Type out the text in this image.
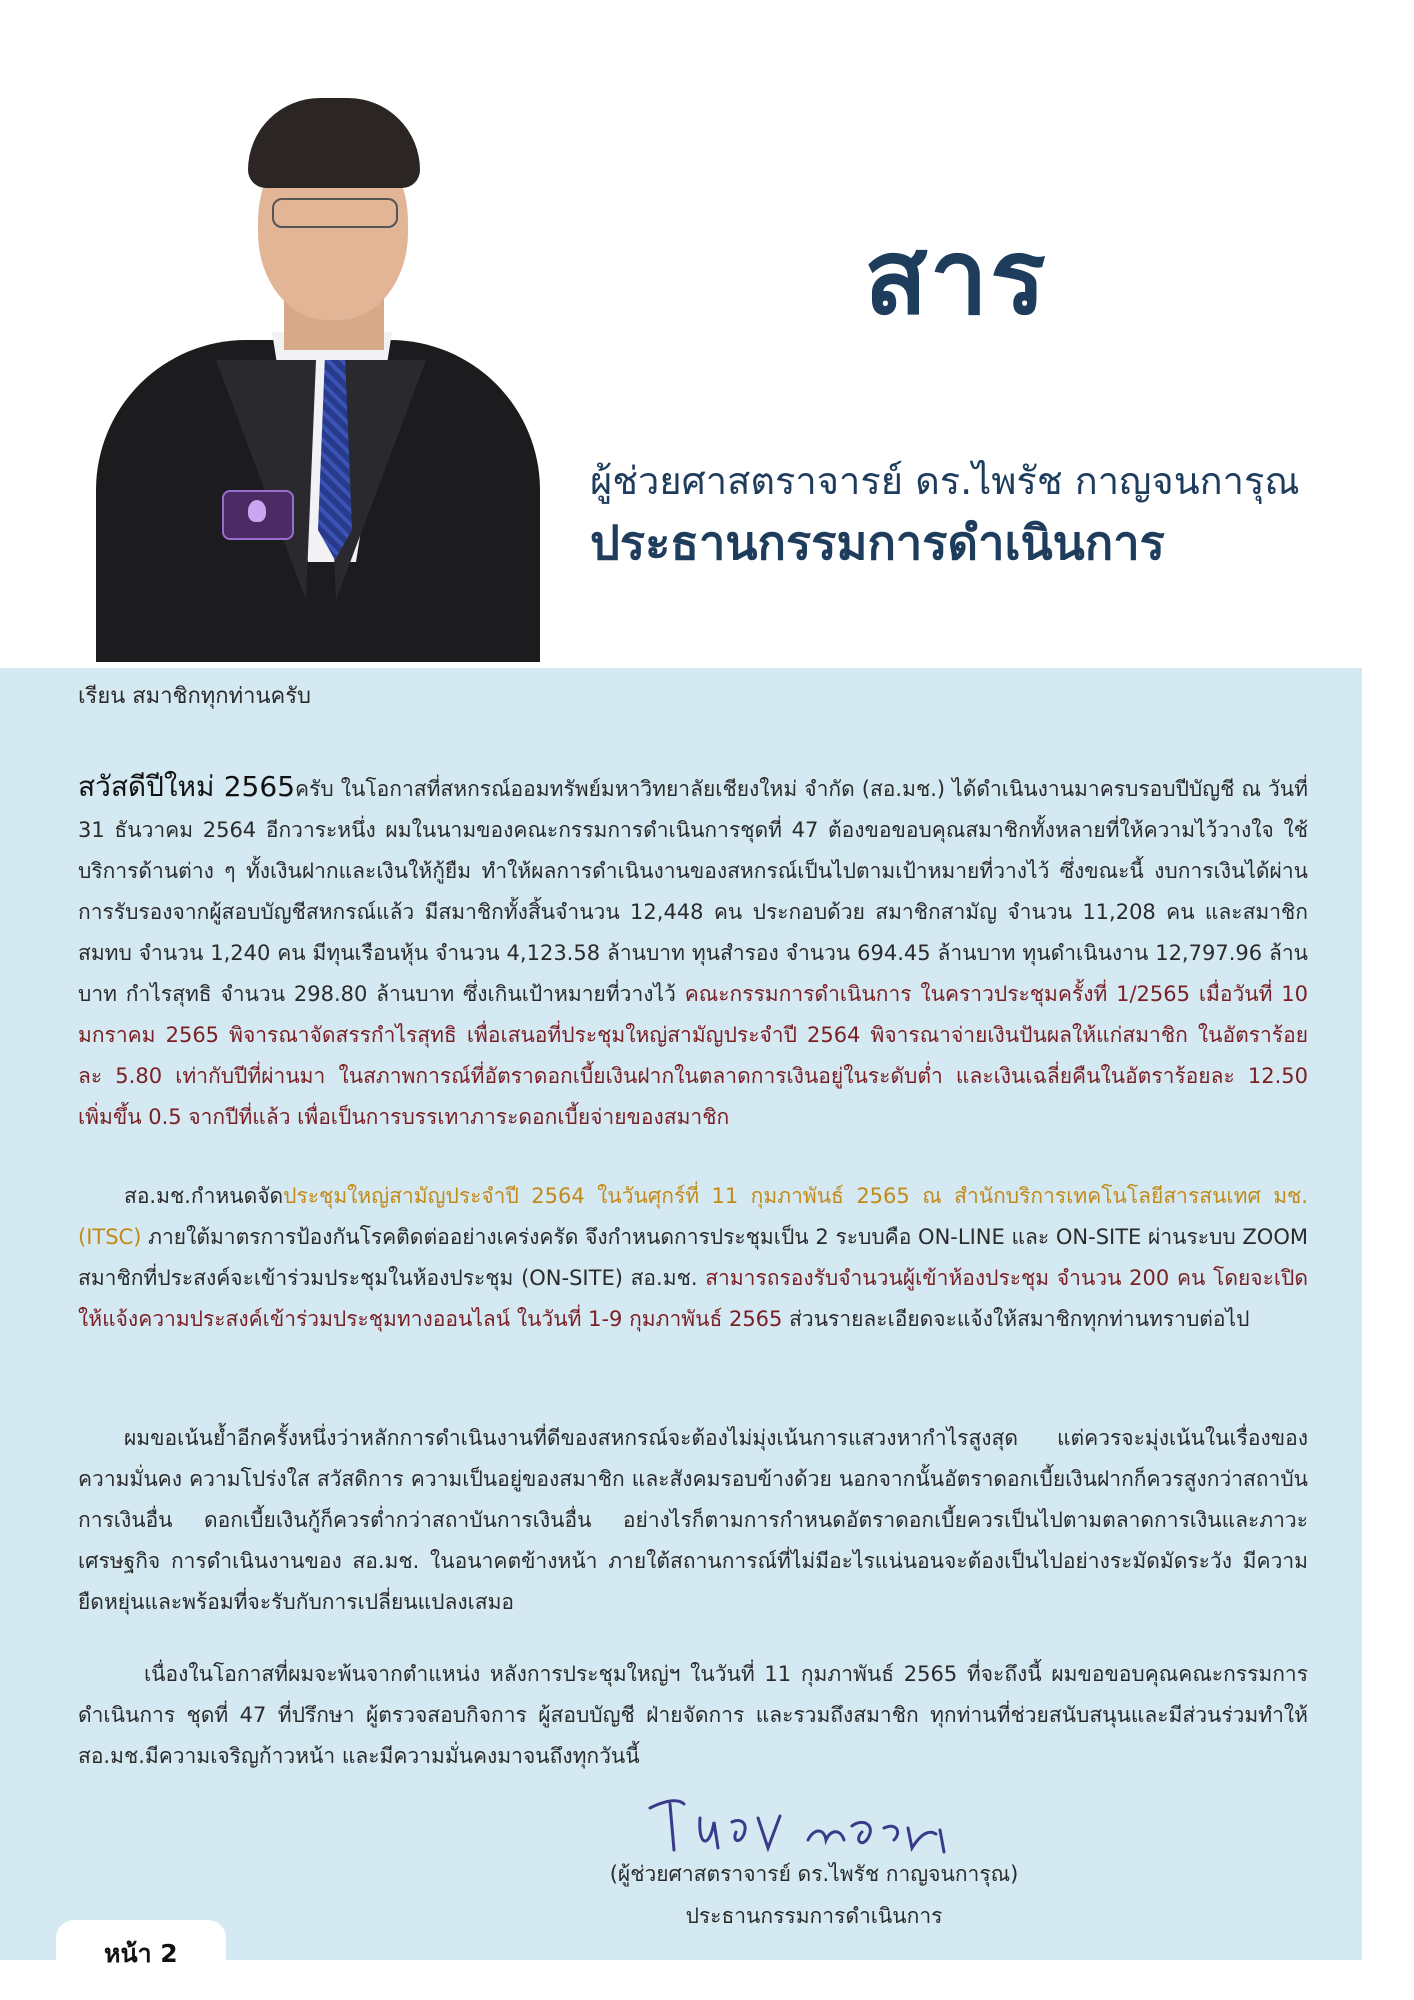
สาร

ผู้ช่วยศาสตราจารย์ ดร.ไพรัช กาญจนการุณ

ประธานกรรมการดำเนินการ

เรียน สมาชิกทุกท่านครับ

สวัสดีปีใหม่ 2565ครับ ในโอกาสที่สหกรณ์ออมทรัพย์มหาวิทยาลัยเชียงใหม่ จำกัด (สอ.มช.) ได้ดำเนินงานมาครบรอบปีบัญชี ณ วันที่ 31 ธันวาคม 2564 อีกวาระหนึ่ง ผมในนามของคณะกรรมการดำเนินการชุดที่ 47 ต้องขอขอบคุณสมาชิกทั้งหลายที่ให้ความไว้วางใจ ใช้บริการด้านต่าง ๆ ทั้งเงินฝากและเงินให้กู้ยืม ทำให้ผลการดำเนินงานของสหกรณ์เป็นไปตามเป้าหมายที่วางไว้ ซึ่งขณะนี้ งบการเงินได้ผ่านการรับรองจากผู้สอบบัญชีสหกรณ์แล้ว มีสมาชิกทั้งสิ้นจำนวน 12,448 คน ประกอบด้วย สมาชิกสามัญ จำนวน 11,208 คน และสมาชิกสมทบ จำนวน 1,240 คน มีทุนเรือนหุ้น จำนวน 4,123.58 ล้านบาท ทุนสำรอง จำนวน 694.45 ล้านบาท ทุนดำเนินงาน 12,797.96 ล้านบาท กำไรสุทธิ จำนวน 298.80 ล้านบาท ซึ่งเกินเป้าหมายที่วางไว้ คณะกรรมการดำเนินการ ในคราวประชุมครั้งที่ 1/2565 เมื่อวันที่ 10 มกราคม 2565 พิจารณาจัดสรรกำไรสุทธิ เพื่อเสนอที่ประชุมใหญ่สามัญประจำปี 2564 พิจารณาจ่ายเงินปันผลให้แก่สมาชิก ในอัตราร้อยละ 5.80 เท่ากับปีที่ผ่านมา ในสภาพการณ์ที่อัตราดอกเบี้ยเงินฝากในตลาดการเงินอยู่ในระดับต่ำ และเงินเฉลี่ยคืนในอัตราร้อยละ 12.50 เพิ่มขึ้น 0.5 จากปีที่แล้ว เพื่อเป็นการบรรเทาภาระดอกเบี้ยจ่ายของสมาชิก

สอ.มช.กำหนดจัดประชุมใหญ่สามัญประจำปี 2564 ในวันศุกร์ที่ 11 กุมภาพันธ์ 2565 ณ สำนักบริการเทคโนโลยีสารสนเทศ มช. (ITSC) ภายใต้มาตรการป้องกันโรคติดต่ออย่างเคร่งครัด จึงกำหนดการประชุมเป็น 2 ระบบคือ ON-LINE และ ON-SITE ผ่านระบบ ZOOM สมาชิกที่ประสงค์จะเข้าร่วมประชุมในห้องประชุม (ON-SITE) สอ.มช. สามารถรองรับจำนวนผู้เข้าห้องประชุม จำนวน 200 คน โดยจะเปิดให้แจ้งความประสงค์เข้าร่วมประชุมทางออนไลน์ ในวันที่ 1-9 กุมภาพันธ์ 2565 ส่วนรายละเอียดจะแจ้งให้สมาชิกทุกท่านทราบต่อไป

ผมขอเน้นย้ำอีกครั้งหนึ่งว่าหลักการดำเนินงานที่ดีของสหกรณ์จะต้องไม่มุ่งเน้นการแสวงหากำไรสูงสุด แต่ควรจะมุ่งเน้นในเรื่องของความมั่นคง ความโปร่งใส สวัสดิการ ความเป็นอยู่ของสมาชิก และสังคมรอบข้างด้วย นอกจากนั้นอัตราดอกเบี้ยเงินฝากก็ควรสูงกว่าสถาบันการเงินอื่น ดอกเบี้ยเงินกู้ก็ควรต่ำกว่าสถาบันการเงินอื่น อย่างไรก็ตามการกำหนดอัตราดอกเบี้ยควรเป็นไปตามตลาดการเงินและภาวะเศรษฐกิจ การดำเนินงานของ สอ.มช. ในอนาคตข้างหน้า ภายใต้สถานการณ์ที่ไม่มีอะไรแน่นอนจะต้องเป็นไปอย่างระมัดมัดระวัง มีความยืดหยุ่นและพร้อมที่จะรับกับการเปลี่ยนแปลงเสมอ

เนื่องในโอกาสที่ผมจะพ้นจากตำแหน่ง หลังการประชุมใหญ่ฯ ในวันที่ 11 กุมภาพันธ์ 2565 ที่จะถึงนี้ ผมขอขอบคุณคณะกรรมการดำเนินการ ชุดที่ 47 ที่ปรึกษา ผู้ตรวจสอบกิจการ ผู้สอบบัญชี ฝ่ายจัดการ และรวมถึงสมาชิก ทุกท่านที่ช่วยสนับสนุนและมีส่วนร่วมทำให้ สอ.มช.มีความเจริญก้าวหน้า และมีความมั่นคงมาจนถึงทุกวันนี้

(ผู้ช่วยศาสตราจารย์ ดร.ไพรัช กาญจนการุณ)

ประธานกรรมการดำเนินการ

หน้า 2
